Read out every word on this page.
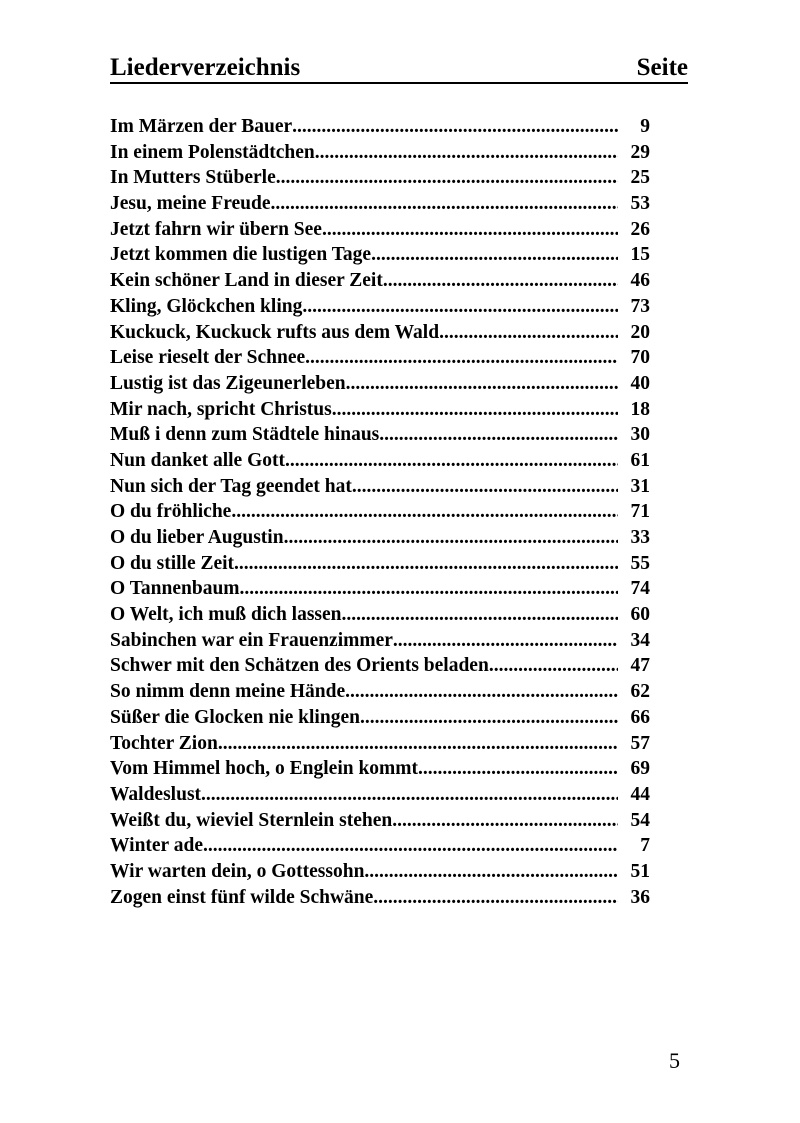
Liederverzeichnis	Seite
Im Märzen der Bauer .....	9
In einem Polenstädtchen .....	29
In Mutters Stüberle .....	25
Jesu, meine Freude .....	53
Jetzt fahrn wir übern See .....	26
Jetzt kommen die lustigen Tage .....	15
Kein schöner Land in dieser Zeit .....	46
Kling, Glöckchen kling .....	73
Kuckuck, Kuckuck rufts aus dem Wald .....	20
Leise rieselt der Schnee .....	70
Lustig ist das Zigeunerleben .....	40
Mir nach, spricht Christus .....	18
Muß i denn zum Städtele hinaus .....	30
Nun danket alle Gott .....	61
Nun sich der Tag geendet hat .....	31
O du fröhliche .....	71
O du lieber Augustin .....	33
O du stille Zeit .....	55
O Tannenbaum .....	74
O Welt, ich muß dich lassen .....	60
Sabinchen war ein Frauenzimmer .....	34
Schwer mit den Schätzen des Orients beladen .....	47
So nimm denn meine Hände .....	62
Süßer die Glocken nie klingen .....	66
Tochter Zion .....	57
Vom Himmel hoch, o Englein kommt .....	69
Waldeslust .....	44
Weißt du, wieviel Sternlein stehen .....	54
Winter ade .....	7
Wir warten dein, o Gottessohn .....	51
Zogen einst fünf wilde Schwäne .....	36
5
